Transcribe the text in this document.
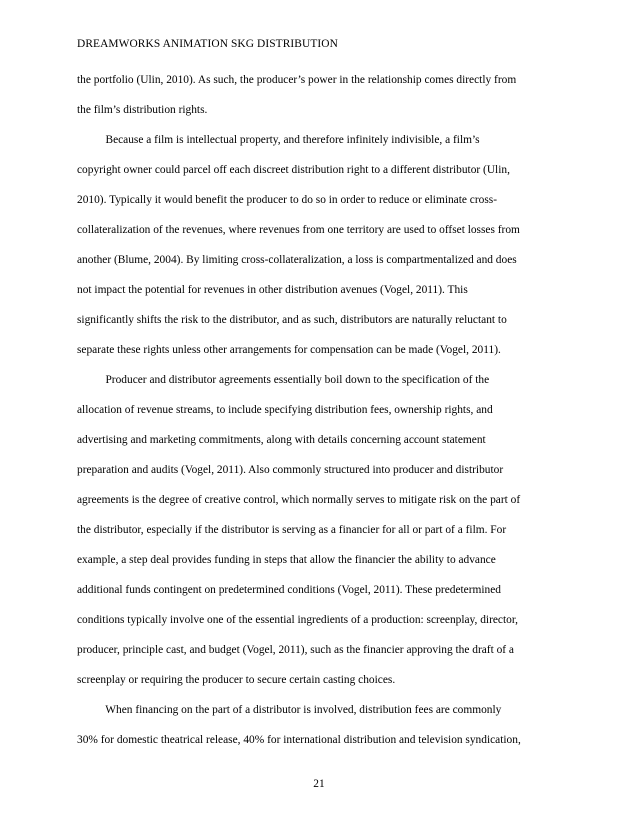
DREAMWORKS ANIMATION SKG DISTRIBUTION
the portfolio (Ulin, 2010). As such, the producer’s power in the relationship comes directly from
the film’s distribution rights.
Because a film is intellectual property, and therefore infinitely indivisible, a film’s
copyright owner could parcel off each discreet distribution right to a different distributor (Ulin,
2010). Typically it would benefit the producer to do so in order to reduce or eliminate cross-
collateralization of the revenues, where revenues from one territory are used to offset losses from
another (Blume, 2004). By limiting cross-collateralization, a loss is compartmentalized and does
not impact the potential for revenues in other distribution avenues (Vogel, 2011). This
significantly shifts the risk to the distributor, and as such, distributors are naturally reluctant to
separate these rights unless other arrangements for compensation can be made (Vogel, 2011).
Producer and distributor agreements essentially boil down to the specification of the
allocation of revenue streams, to include specifying distribution fees, ownership rights, and
advertising and marketing commitments, along with details concerning account statement
preparation and audits (Vogel, 2011). Also commonly structured into producer and distributor
agreements is the degree of creative control, which normally serves to mitigate risk on the part of
the distributor, especially if the distributor is serving as a financier for all or part of a film. For
example, a step deal provides funding in steps that allow the financier the ability to advance
additional funds contingent on predetermined conditions (Vogel, 2011). These predetermined
conditions typically involve one of the essential ingredients of a production: screenplay, director,
producer, principle cast, and budget (Vogel, 2011), such as the financier approving the draft of a
screenplay or requiring the producer to secure certain casting choices.
When financing on the part of a distributor is involved, distribution fees are commonly
30% for domestic theatrical release, 40% for international distribution and television syndication,
21
